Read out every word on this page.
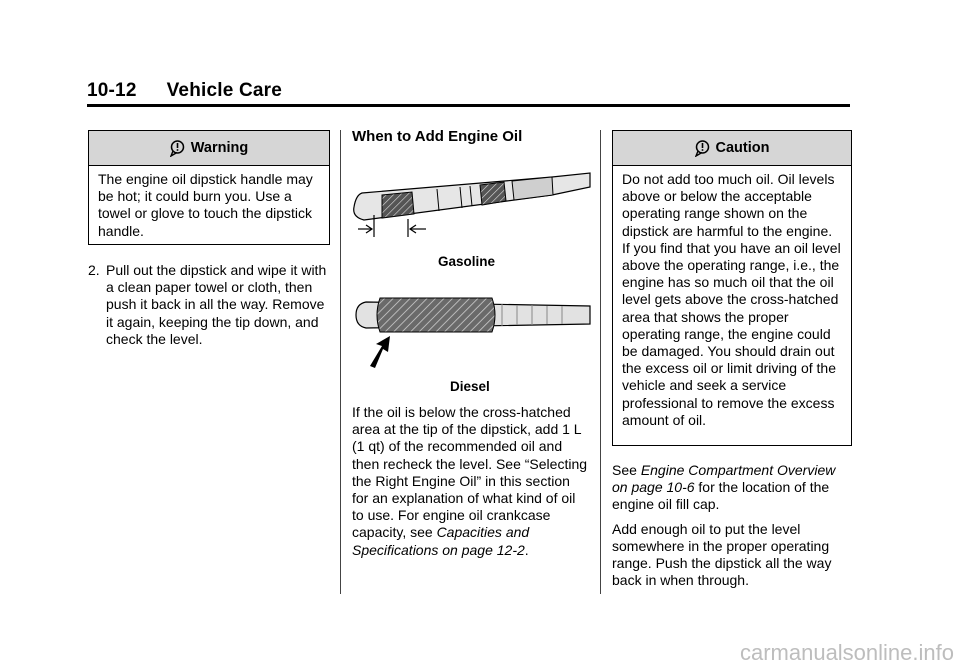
10-12 Vehicle Care
Warning
The engine oil dipstick handle may be hot; it could burn you. Use a towel or glove to touch the dipstick handle.
2. Pull out the dipstick and wipe it with a clean paper towel or cloth, then push it back in all the way. Remove it again, keeping the tip down, and check the level.
When to Add Engine Oil
Gasoline
Diesel
If the oil is below the cross-hatched area at the tip of the dipstick, add 1 L (1 qt) of the recommended oil and then recheck the level. See “Selecting the Right Engine Oil” in this section for an explanation of what kind of oil to use. For engine oil crankcase capacity, see Capacities and Specifications on page 12-2.
Caution
Do not add too much oil. Oil levels above or below the acceptable operating range shown on the dipstick are harmful to the engine. If you find that you have an oil level above the operating range, i.e., the engine has so much oil that the oil level gets above the cross-hatched area that shows the proper operating range, the engine could be damaged. You should drain out the excess oil or limit driving of the vehicle and seek a service professional to remove the excess amount of oil.

See Engine Compartment Overview on page 10-6 for the location of the engine oil fill cap.

Add enough oil to put the level somewhere in the proper operating range. Push the dipstick all the way back in when through.

carmanualsonline.info
